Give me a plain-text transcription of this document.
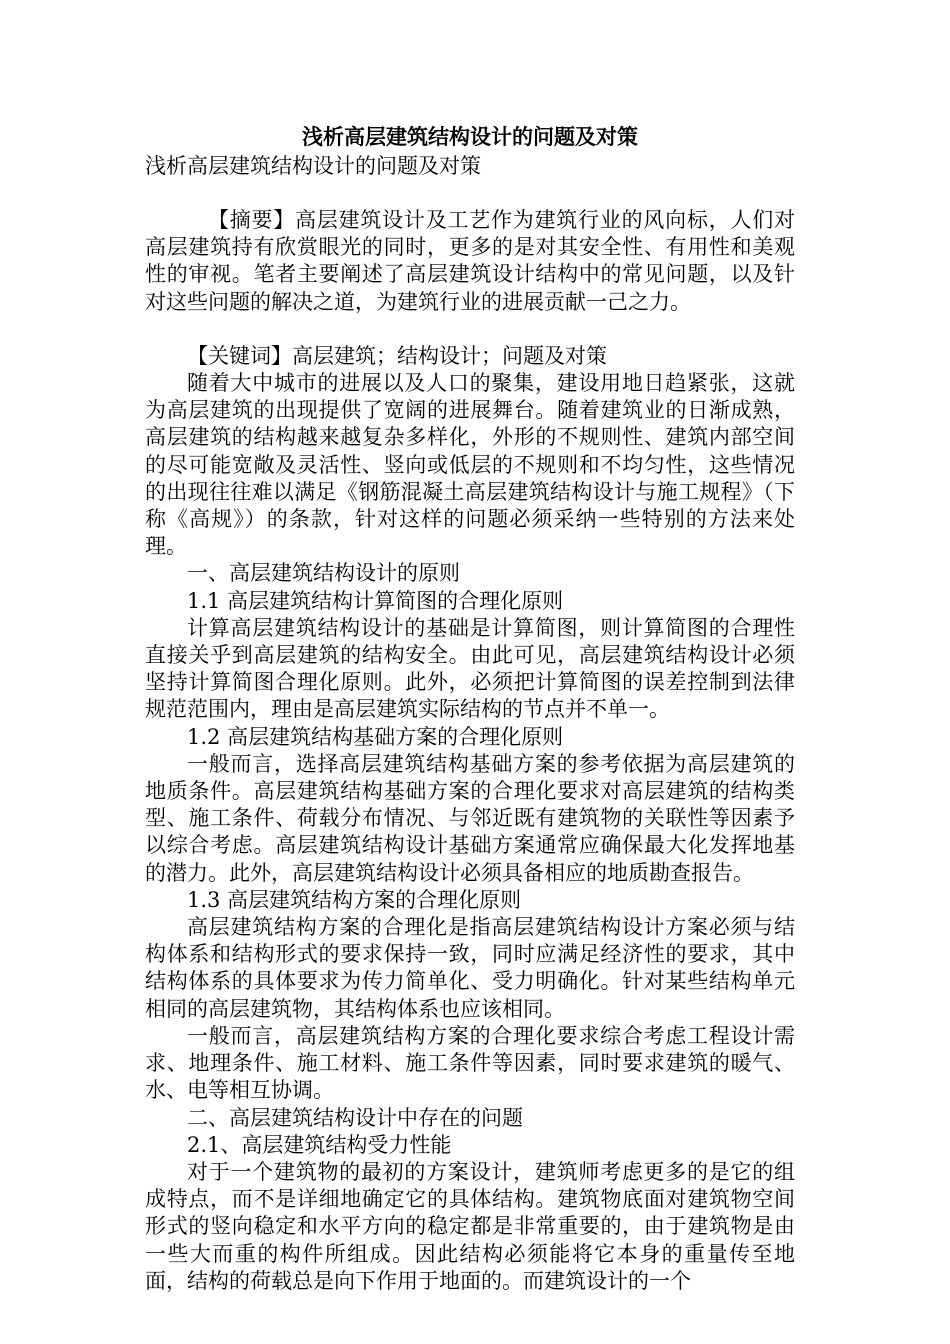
浅析高层建筑结构设计的问题及对策

浅析高层建筑结构设计的问题及对策

【摘要】高层建筑设计及工艺作为建筑行业的风向标，人们对高层建筑持有欣赏眼光的同时，更多的是对其安全性、有用性和美观性的审视。笔者主要阐述了高层建筑设计结构中的常见问题，以及针对这些问题的解决之道，为建筑行业的进展贡献一己之力。

【关键词】高层建筑；结构设计；问题及对策

随着大中城市的进展以及人口的聚集，建设用地日趋紧张，这就为高层建筑的出现提供了宽阔的进展舞台。随着建筑业的日渐成熟，高层建筑的结构越来越复杂多样化，外形的不规则性、建筑内部空间的尽可能宽敞及灵活性、竖向或低层的不规则和不均匀性，这些情况的出现往往难以满足《钢筋混凝土高层建筑结构设计与施工规程》（下称《高规》）的条款，针对这样的问题必须采纳一些特别的方法来处理。

一、高层建筑结构设计的原则

1.1 高层建筑结构计算简图的合理化原则

计算高层建筑结构设计的基础是计算简图，则计算简图的合理性直接关乎到高层建筑的结构安全。由此可见，高层建筑结构设计必须坚持计算简图合理化原则。此外，必须把计算简图的误差控制到法律规范范围内，理由是高层建筑实际结构的节点并不单一。

1.2 高层建筑结构基础方案的合理化原则

一般而言，选择高层建筑结构基础方案的参考依据为高层建筑的地质条件。高层建筑结构基础方案的合理化要求对高层建筑的结构类型、施工条件、荷载分布情况、与邻近既有建筑物的关联性等因素予以综合考虑。高层建筑结构设计基础方案通常应确保最大化发挥地基的潜力。此外，高层建筑结构设计必须具备相应的地质勘查报告。

1.3 高层建筑结构方案的合理化原则

高层建筑结构方案的合理化是指高层建筑结构设计方案必须与结构体系和结构形式的要求保持一致，同时应满足经济性的要求，其中结构体系的具体要求为传力简单化、受力明确化。针对某些结构单元相同的高层建筑物，其结构体系也应该相同。

一般而言，高层建筑结构方案的合理化要求综合考虑工程设计需求、地理条件、施工材料、施工条件等因素，同时要求建筑的暖气、水、电等相互协调。

二、高层建筑结构设计中存在的问题

2.1、高层建筑结构受力性能

对于一个建筑物的最初的方案设计，建筑师考虑更多的是它的组成特点，而不是详细地确定它的具体结构。建筑物底面对建筑物空间形式的竖向稳定和水平方向的稳定都是非常重要的，由于建筑物是由一些大而重的构件所组成。因此结构必须能将它本身的重量传至地面，结构的荷载总是向下作用于地面的。而建筑设计的一个
